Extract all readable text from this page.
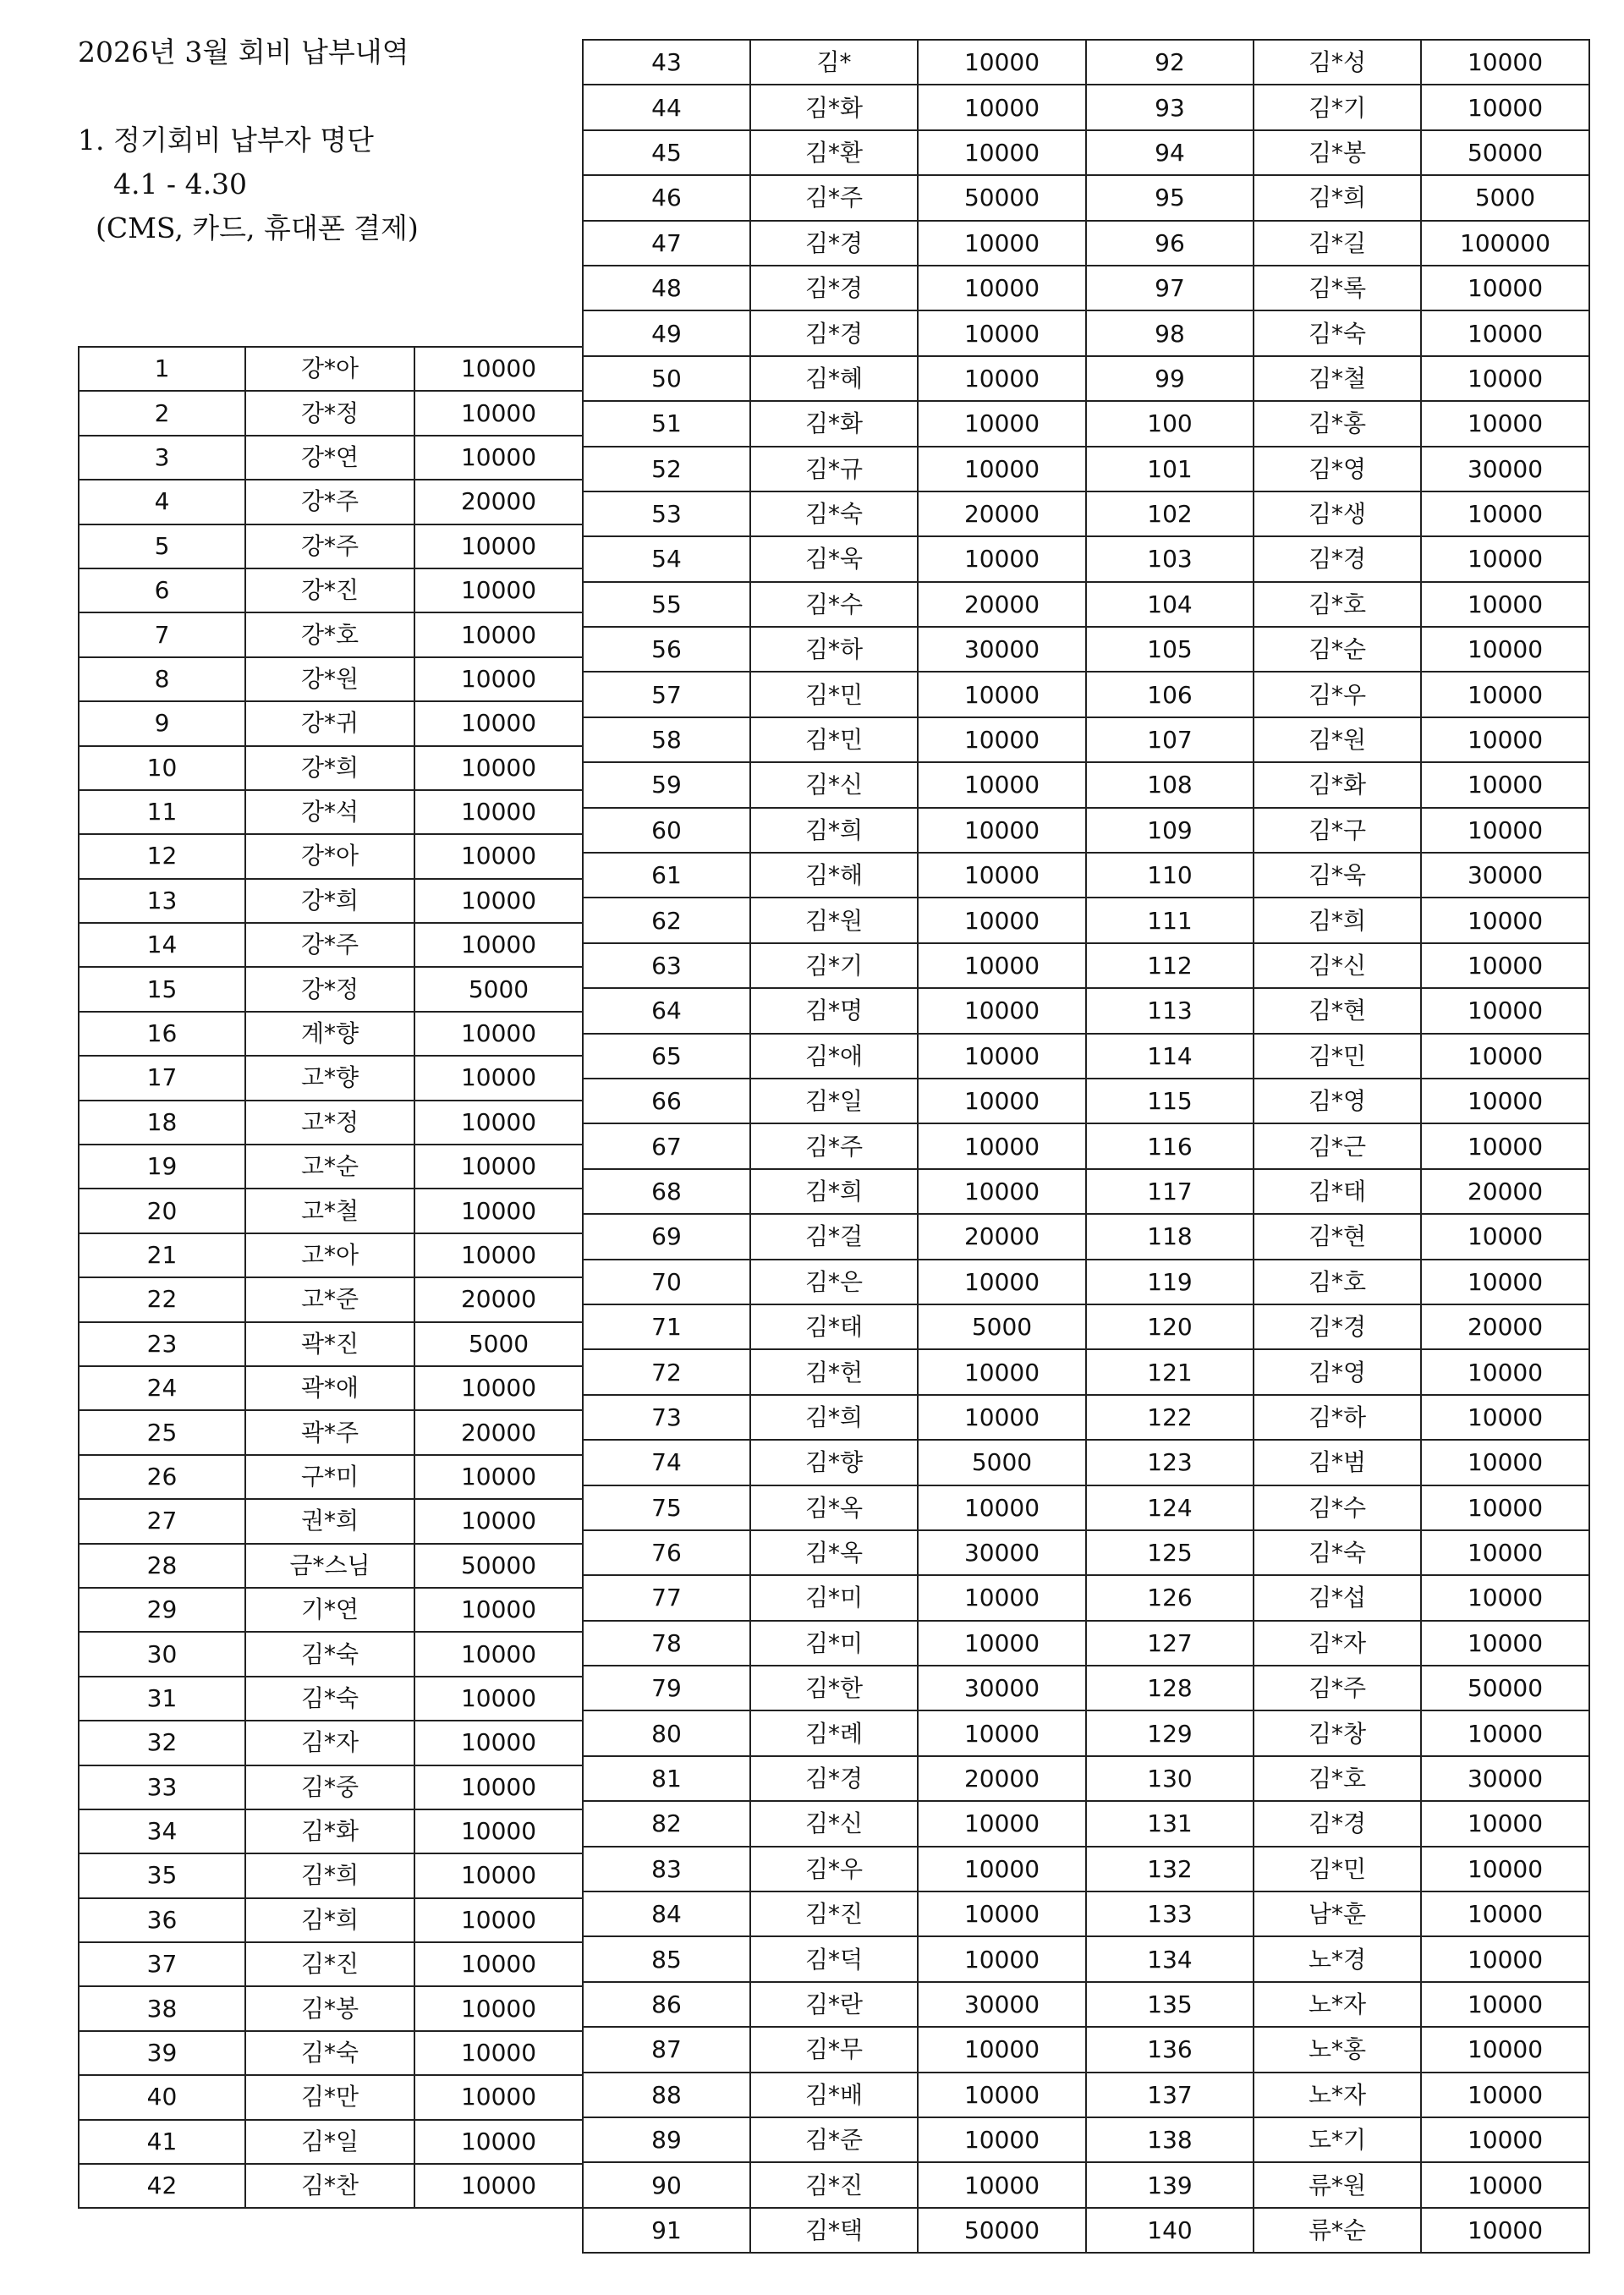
2026년 3월 회비 납부내역
1. 정기회비 납부자 명단
4.1 - 4.30
(CMS, 카드, 휴대폰 결제)
1	강*아	10000
2	강*정	10000
3	강*연	10000
4	강*주	20000
5	강*주	10000
6	강*진	10000
7	강*호	10000
8	강*원	10000
9	강*귀	10000
10	강*희	10000
11	강*석	10000
12	강*아	10000
13	강*희	10000
14	강*주	10000
15	강*정	5000
16	계*향	10000
17	고*향	10000
18	고*정	10000
19	고*순	10000
20	고*철	10000
21	고*아	10000
22	고*준	20000
23	곽*진	5000
24	곽*애	10000
25	곽*주	20000
26	구*미	10000
27	권*희	10000
28	금*스님	50000
29	기*연	10000
30	김*숙	10000
31	김*숙	10000
32	김*자	10000
33	김*중	10000
34	김*화	10000
35	김*희	10000
36	김*희	10000
37	김*진	10000
38	김*봉	10000
39	김*숙	10000
40	김*만	10000
41	김*일	10000
42	김*찬	10000
43	김*	10000	92	김*성	10000
44	김*화	10000	93	김*기	10000
45	김*환	10000	94	김*봉	50000
46	김*주	50000	95	김*희	5000
47	김*경	10000	96	김*길	100000
48	김*경	10000	97	김*록	10000
49	김*경	10000	98	김*숙	10000
50	김*혜	10000	99	김*철	10000
51	김*화	10000	100	김*홍	10000
52	김*규	10000	101	김*영	30000
53	김*숙	20000	102	김*생	10000
54	김*욱	10000	103	김*경	10000
55	김*수	20000	104	김*호	10000
56	김*하	30000	105	김*순	10000
57	김*민	10000	106	김*우	10000
58	김*민	10000	107	김*원	10000
59	김*신	10000	108	김*화	10000
60	김*희	10000	109	김*구	10000
61	김*해	10000	110	김*욱	30000
62	김*원	10000	111	김*희	10000
63	김*기	10000	112	김*신	10000
64	김*명	10000	113	김*현	10000
65	김*애	10000	114	김*민	10000
66	김*일	10000	115	김*영	10000
67	김*주	10000	116	김*근	10000
68	김*희	10000	117	김*태	20000
69	김*걸	20000	118	김*현	10000
70	김*은	10000	119	김*호	10000
71	김*태	5000	120	김*경	20000
72	김*헌	10000	121	김*영	10000
73	김*희	10000	122	김*하	10000
74	김*향	5000	123	김*범	10000
75	김*옥	10000	124	김*수	10000
76	김*옥	30000	125	김*숙	10000
77	김*미	10000	126	김*섭	10000
78	김*미	10000	127	김*자	10000
79	김*한	30000	128	김*주	50000
80	김*례	10000	129	김*창	10000
81	김*경	20000	130	김*호	30000
82	김*신	10000	131	김*경	10000
83	김*우	10000	132	김*민	10000
84	김*진	10000	133	남*훈	10000
85	김*덕	10000	134	노*경	10000
86	김*란	30000	135	노*자	10000
87	김*무	10000	136	노*홍	10000
88	김*배	10000	137	노*자	10000
89	김*준	10000	138	도*기	10000
90	김*진	10000	139	류*원	10000
91	김*택	50000	140	류*순	10000
